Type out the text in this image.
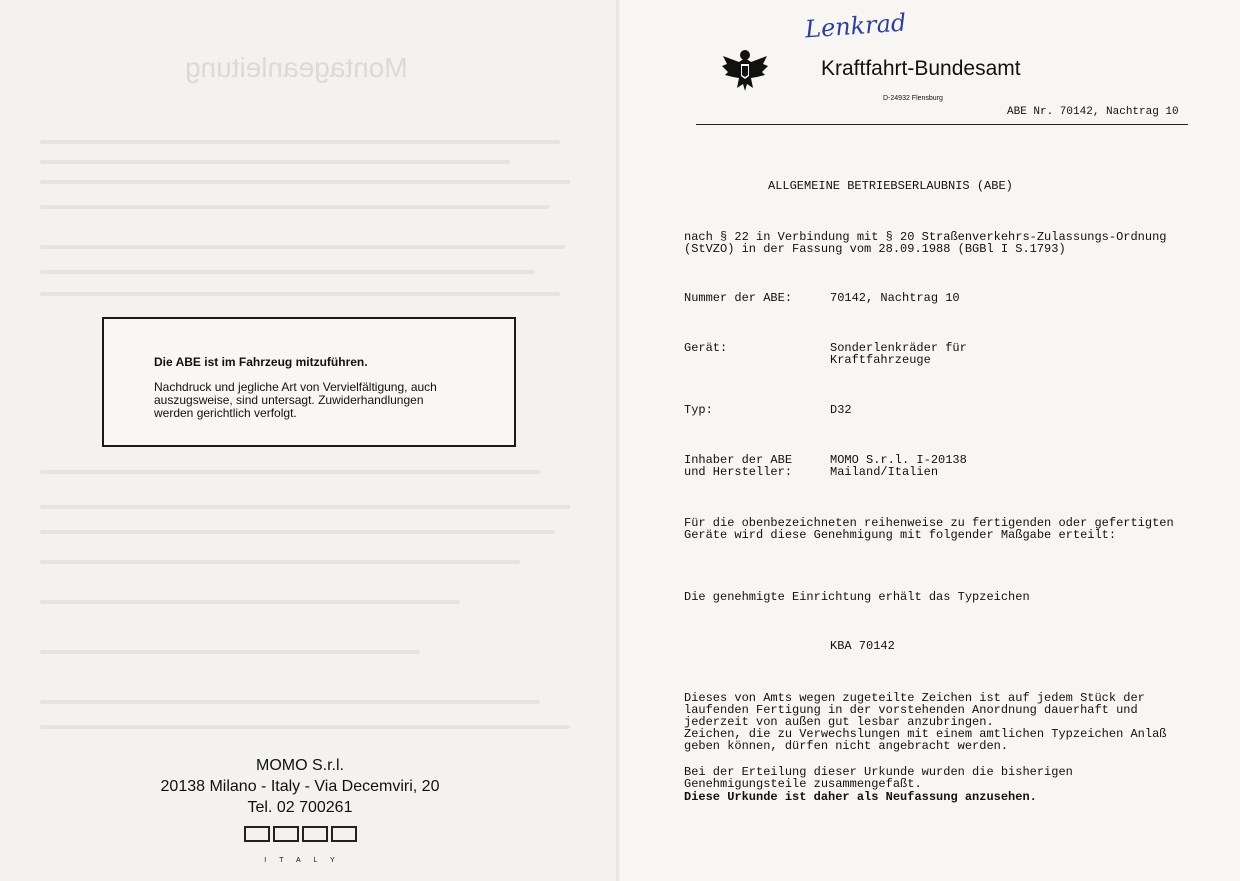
Montageanleitung
Die ABE ist im Fahrzeug mitzuführen.
Nachdruck und jegliche Art von Vervielfältigung, auch auszugsweise, sind untersagt. Zuwiderhandlungen werden gerichtlich verfolgt.
MOMO S.r.l.
20138 Milano - Italy - Via Decemviri, 20
Tel. 02 700261
ITALY
Lenkrad
Kraftfahrt-Bundesamt
D-24932 Flensburg
ABE Nr. 70142, Nachtrag 10
ALLGEMEINE BETRIEBSERLAUBNIS (ABE)
nach § 22 in Verbindung mit § 20 Straßenverkehrs-Zulassungs-Ordnung (StVZO) in der Fassung vom 28.09.1988 (BGBl I S.1793)
Nummer der ABE:	70142, Nachtrag 10
Gerät:	Sonderlenkräder für Kraftfahrzeuge
Typ:	D32
Inhaber der ABE und Hersteller:
MOMO S.r.l. I-20138 Mailand/Italien
Für die obenbezeichneten reihenweise zu fertigenden oder gefertigten Geräte wird diese Genehmigung mit folgender Maßgabe erteilt:
Die genehmigte Einrichtung erhält das Typzeichen
KBA 70142
Dieses von Amts wegen zugeteilte Zeichen ist auf jedem Stück der laufenden Fertigung in der vorstehenden Anordnung dauerhaft und jederzeit von außen gut lesbar anzubringen.
Zeichen, die zu Verwechslungen mit einem amtlichen Typzeichen Anlaß geben können, dürfen nicht angebracht werden.
Bei der Erteilung dieser Urkunde wurden die bisherigen Genehmigungsteile zusammengefaßt.
Diese Urkunde ist daher als Neufassung anzusehen.
